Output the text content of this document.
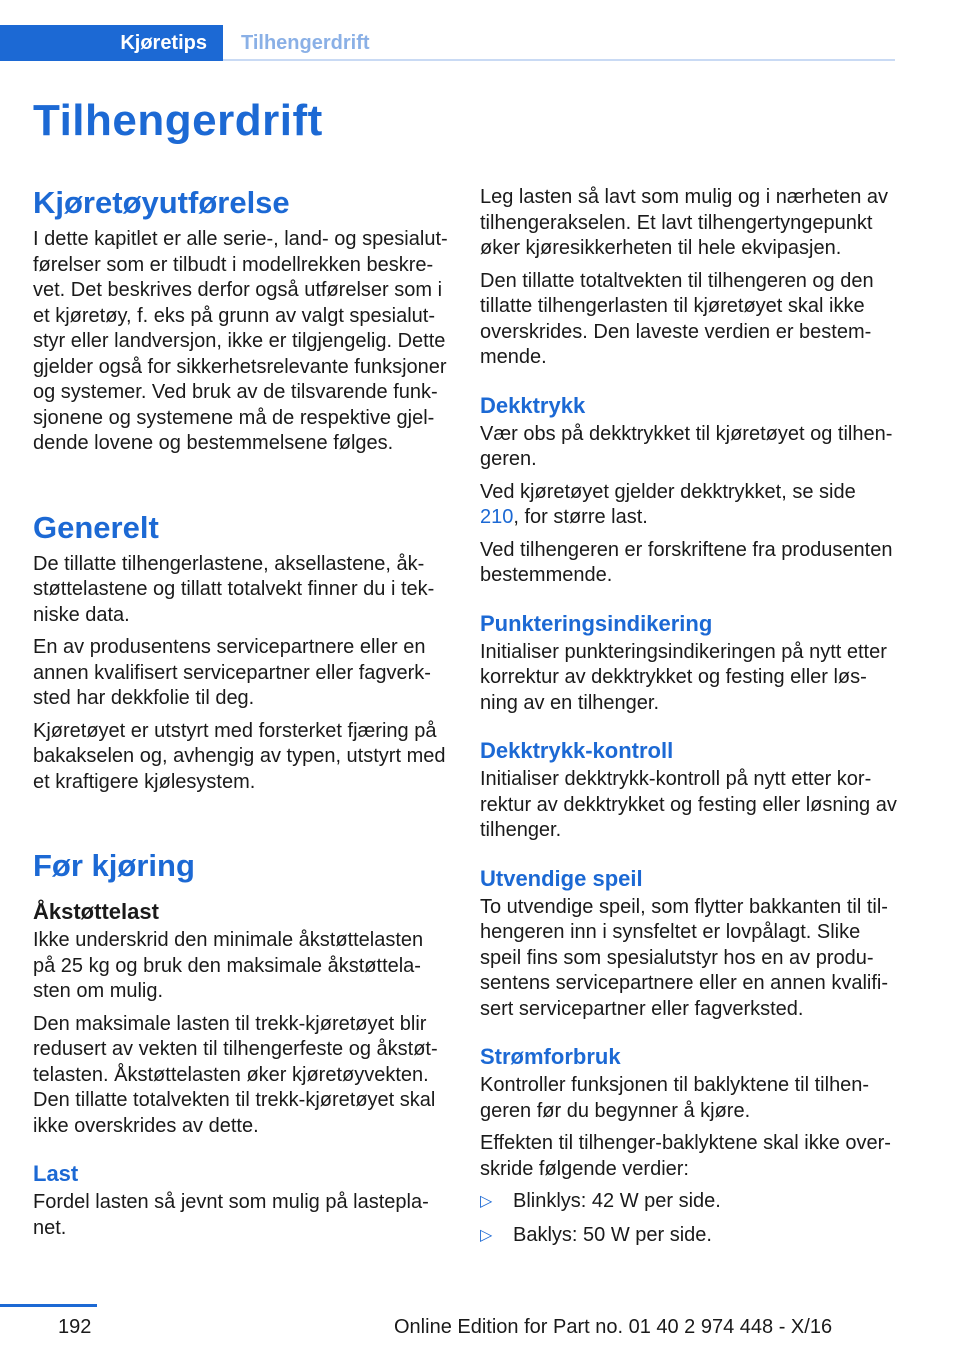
Kjøretips	Tilhengerdrift
Tilhengerdrift
Kjøretøyutførelse

I dette kapitlet er alle serie-, land- og spesialut-førelser som er tilbudt i modellrekken beskre-vet. Det beskrives derfor også utførelser som i et kjøretøy, f. eks på grunn av valgt spesialut-styr eller landversjon, ikke er tilgjengelig. Dette gjelder også for sikkerhetsrelevante funksjoner og systemer. Ved bruk av de tilsvarende funk-sjonene og systemene må de respektive gjel-dende lovene og bestemmelsene følges.

Generelt

De tillatte tilhengerlastene, aksellastene, åk-støttelastene og tillatt totalvekt finner du i tek-niske data.

En av produsentens servicepartnere eller en annen kvalifisert servicepartner eller fagverk-sted har dekkfolie til deg.

Kjøretøyet er utstyrt med forsterket fjæring på bakakselen og, avhengig av typen, utstyrt med et kraftigere kjølesystem.

Før kjøring
Åkstøttelast

Ikke underskrid den minimale åkstøttelasten på 25 kg og bruk den maksimale åkstøttela-sten om mulig.

Den maksimale lasten til trekk-kjøretøyet blir redusert av vekten til tilhengerfeste og åkstøt-telasten. Åkstøttelasten øker kjøretøyvekten. Den tillatte totalvekten til trekk-kjøretøyet skal ikke overskrides av dette.

Last

Fordel lasten så jevnt som mulig på lastepla-net.

Leg lasten så lavt som mulig og i nærheten av tilhengerakselen. Et lavt tilhengertyngepunkt øker kjøresikkerheten til hele ekvipasjen.

Den tillatte totaltvekten til tilhengeren og den tillatte tilhengerlasten til kjøretøyet skal ikke overskrides. Den laveste verdien er bestem-mende.

Dekktrykk

Vær obs på dekktrykket til kjøretøyet og tilhen-geren.

Ved kjøretøyet gjelder dekktrykket, se side 210, for større last.

Ved tilhengeren er forskriftene fra produsenten bestemmende.

Punkteringsindikering

Initialiser punkteringsindikeringen på nytt etter korrektur av dekktrykket og festing eller løs-ning av en tilhenger.

Dekktrykk-kontroll

Initialiser dekktrykk-kontroll på nytt etter kor-rektur av dekktrykket og festing eller løsning av tilhenger.

Utvendige speil

To utvendige speil, som flytter bakkanten til til-hengeren inn i synsfeltet er lovpålagt. Slike speil fins som spesialutstyr hos en av produ-sentens servicepartnere eller en annen kvalifi-sert servicepartner eller fagverksted.

Strømforbruk

Kontroller funksjonen til baklyktene til tilhen-geren før du begynner å kjøre.

Effekten til tilhenger-baklyktene skal ikke over-skride følgende verdier:

▷ Blinklys: 42 W per side.
▷ Baklys: 50 W per side.
192	Online Edition for Part no. 01 40 2 974 448 - X/16
